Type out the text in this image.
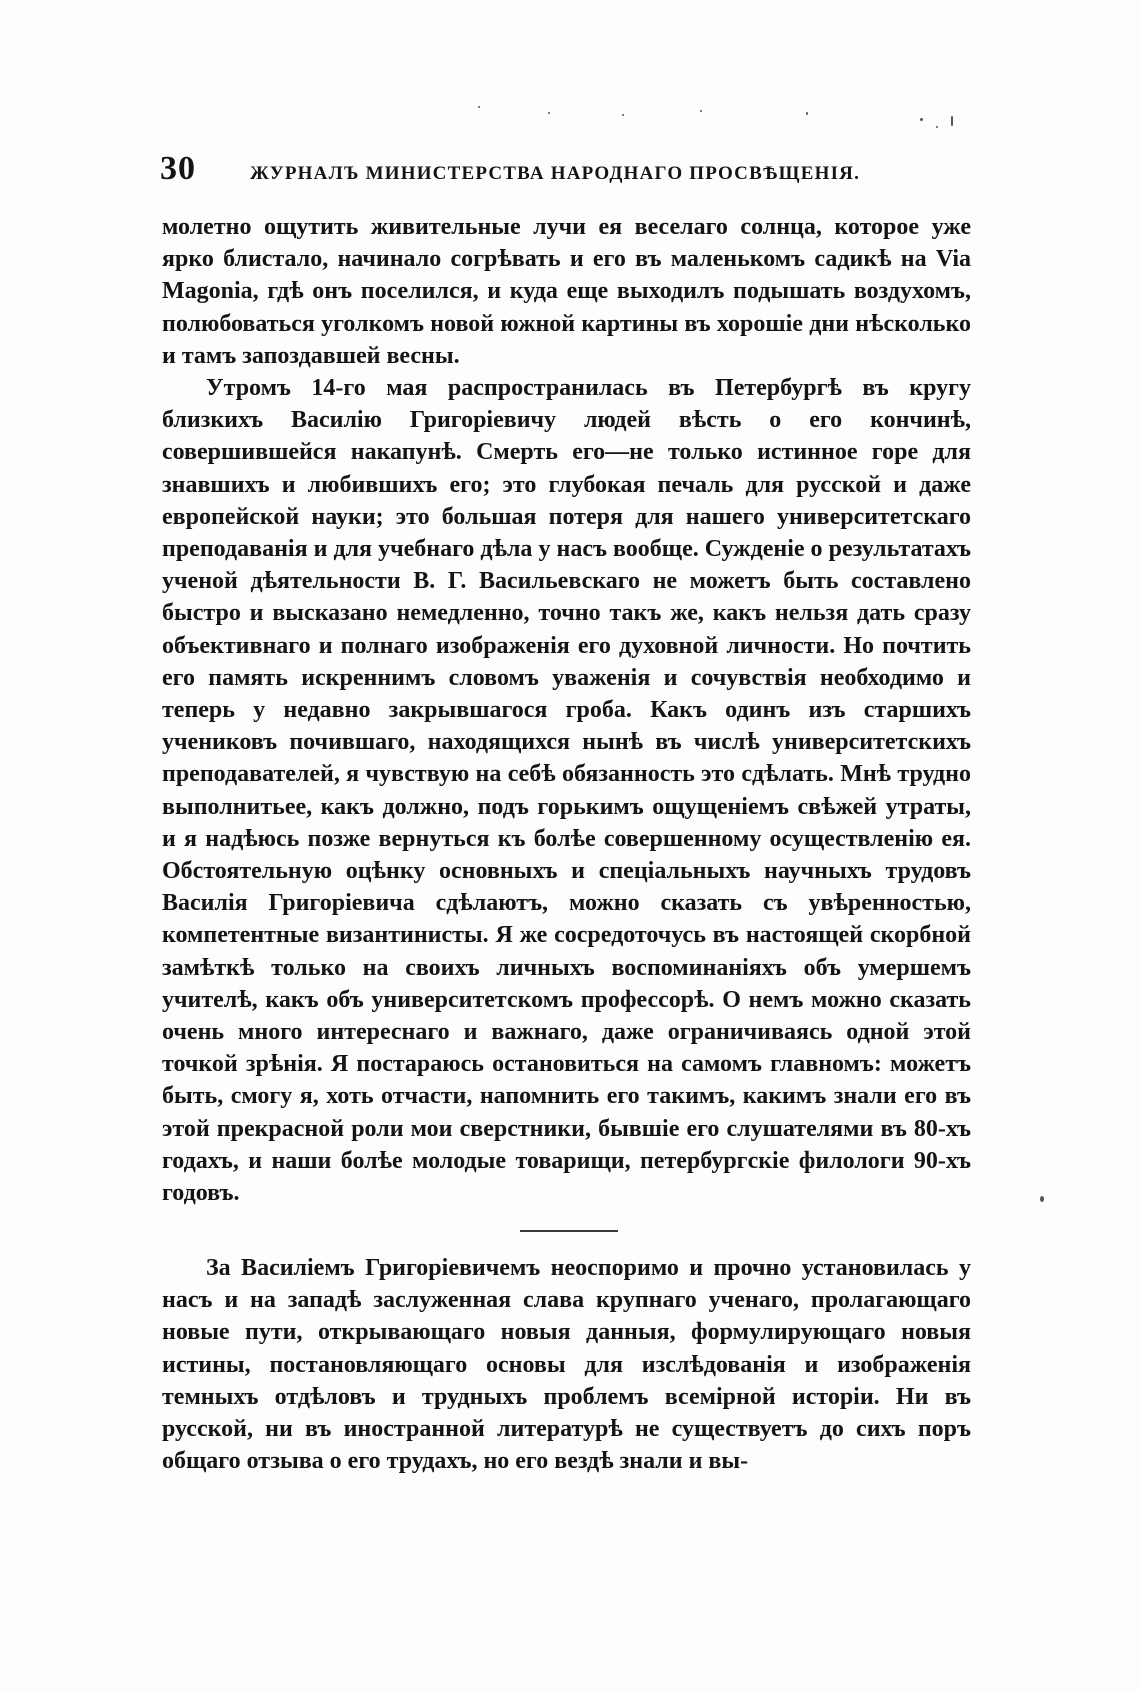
30	ЖУРНАЛЪ МИНИСТЕРСТВА НАРОДНАГО ПРОСВѢЩЕНІЯ.

молетно ощутить живительные лучи ея веселаго солнца, которое уже ярко блистало, начинало согрѣвать и его въ маленькомъ садикѣ на Via Magonia, гдѣ онъ поселился, и куда еще выходилъ подышать воздухомъ, полюбоваться уголкомъ новой южной картины въ хорошіе дни нѣсколько и тамъ запоздавшей весны.

Утромъ 14-го мая распространилась въ Петербургѣ въ кругу близкихъ Василію Григоріевичу людей вѣсть о его кончинѣ, совершившейся накапунѣ. Смерть его—не только истинное горе для знавшихъ и любившихъ его; это глубокая печаль для русской и даже европейской науки; это большая потеря для нашего университетскаго преподаванія и для учебнаго дѣла у насъ вообще. Сужденіе о результатахъ ученой дѣятельности В. Г. Васильевскаго не можетъ быть составлено быстро и высказано немедленно, точно такъ же, какъ нельзя дать сразу объективнаго и полнаго изображенія его духовной личности. Но почтить его память искреннимъ словомъ уваженія и сочувствія необходимо и теперь у недавно закрывшагося гроба. Какъ одинъ изъ старшихъ учениковъ почившаго, находящихся нынѣ въ числѣ университетскихъ преподавателей, я чувствую на себѣ обязанность это сдѣлать. Мнѣ трудно выполнитьее, какъ должно, подъ горькимъ ощущеніемъ свѣжей утраты, и я надѣюсь позже вернуться къ болѣе совершенному осуществленію ея. Обстоятельную оцѣнку основныхъ и спеціальныхъ научныхъ трудовъ Василія Григоріевича сдѣлаютъ, можно сказать съ увѣренностью, компетентные византинисты. Я же сосредоточусь въ настоящей скорбной замѣткѣ только на своихъ личныхъ воспоминаніяхъ объ умершемъ учителѣ, какъ объ университетскомъ профессорѣ. О немъ можно сказать очень много интереснаго и важнаго, даже ограничиваясь одной этой точкой зрѣнія. Я постараюсь остановиться на самомъ главномъ: можетъ быть, смогу я, хоть отчасти, напомнить его такимъ, какимъ знали его въ этой прекрасной роли мои сверстники, бывшіе его слушателями въ 80-хъ годахъ, и наши болѣе молодые товарищи, петербургскіе филологи 90-хъ годовъ.

За Василіемъ Григоріевичемъ неоспоримо и прочно установилась у насъ и на западѣ заслуженная слава крупнаго ученаго, пролагающаго новые пути, открывающаго новыя данныя, формулирующаго новыя истины, постановляющаго основы для изслѣдованія и изображенія темныхъ отдѣловъ и трудныхъ проблемъ всемірной исторіи. Ни въ русской, ни въ иностранной литературѣ не существуетъ до сихъ поръ общаго отзыва о его трудахъ, но его вездѣ знали и вы-
